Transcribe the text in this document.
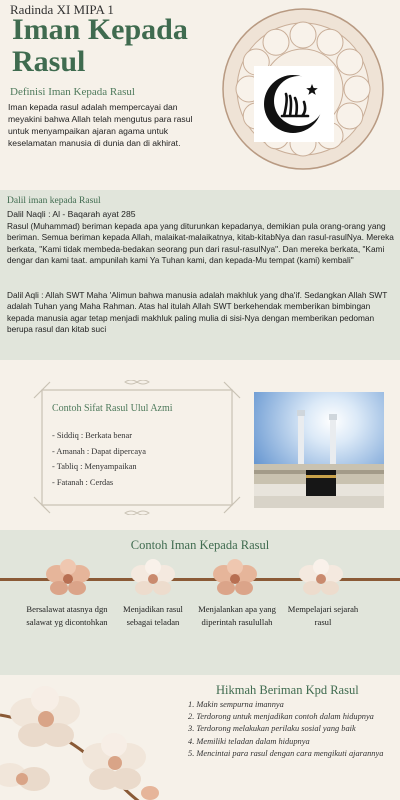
Radinda XI MIPA 1
Iman Kepada Rasul
Definisi Iman Kepada Rasul

Iman kepada rasul adalah mempercayai dan meyakini bahwa Allah telah mengutus para rasul untuk menyampaikan ajaran agama untuk keselamatan manusia di dunia dan di akhirat.

Dalil iman kepada Rasul
Dalil Naqli : Al - Baqarah ayat 285

Rasul (Muhammad) beriman kepada apa yang diturunkan kepadanya, demikian pula orang-orang yang beriman. Semua beriman kepada Allah, malaikat-malaikatnya, kitab-kitabNya dan rasul-rasulNya. Mereka berkata, "Kami tidak membeda-bedakan seorang pun dari rasul-rasulNya". Dan mereka berkata, "Kami dengar dan kami taat. ampunilah kami Ya Tuhan kami, dan kepada-Mu tempat (kami) kembali"

Dalil Aqli : Allah SWT Maha 'Alimun bahwa manusia adalah makhluk yang dha'if. Sedangkan Allah SWT adalah Tuhan yang Maha Rahman. Atas hal itulah Allah SWT berkehendak memberikan bimbingan kepada manusia agar tetap menjadi makhluk paling mulia di sisi-Nya dengan memberikan pedoman berupa rasul dan kitab suci

Contoh Sifat Rasul Ulul Azmi
- Siddiq : Berkata benar
- Amanah : Dapat dipercaya
- Tabliq : Menyampaikan
- Fatanah : Cerdas
Contoh Iman Kepada Rasul
Bersalawat atasnya dgn salawat yg dicontohkan
Menjadikan rasul sebagai teladan
Menjalankan apa yang diperintah rasulullah
Mempelajari sejarah rasul
Hikmah Beriman Kpd Rasul
1. Makin sempurna imannya
2. Terdorong untuk menjadikan contoh dalam hidupnya
3. Terdorong melakukan perilaku sosial yang baik
4. Memiliki teladan dalam hidupnya
5. Mencintai para rasul dengan cara mengikuti ajarannya
